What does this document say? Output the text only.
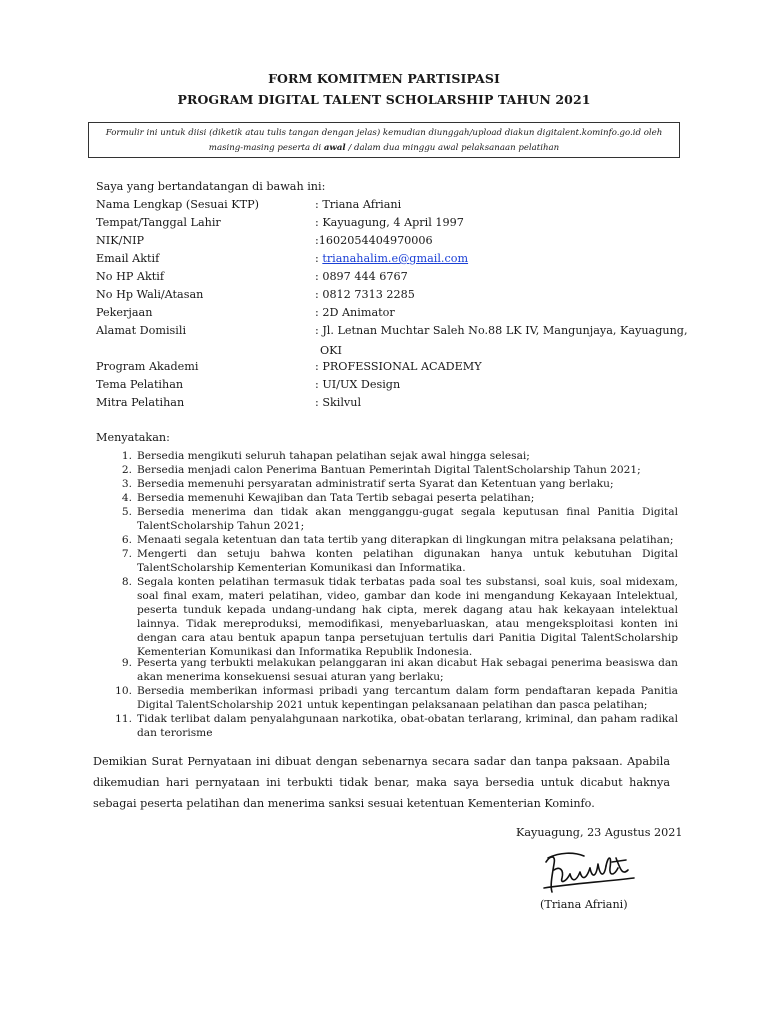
FORM KOMITMEN PARTISIPASI
PROGRAM DIGITAL TALENT SCHOLARSHIP TAHUN 2021
Formulir ini untuk diisi (diketik atau tulis tangan dengan jelas) kemudian diunggah/upload diakun digitalent.kominfo.go.id oleh masing-masing peserta di awal / dalam dua minggu awal pelaksanaan pelatihan
Saya yang bertandatangan di bawah ini:
Nama Lengkap (Sesuai KTP)	: Triana Afriani
Tempat/Tanggal Lahir	: Kayuagung, 4 April 1997
NIK/NIP	:1602054404970006
Email Aktif	: trianahalim.e@gmail.com
No HP Aktif	: 0897 444 6767
No Hp Wali/Atasan	: 0812 7313 2285
Pekerjaan	: 2D Animator
Alamat Domisili	: Jl. Letnan Muchtar Saleh No.88 LK IV, Mangunjaya, Kayuagung,
OKI
Program Akademi	: PROFESSIONAL ACADEMY
Tema Pelatihan	: UI/UX Design
Mitra Pelatihan	: Skilvul
Menyatakan:
1. Bersedia mengikuti seluruh tahapan pelatihan sejak awal hingga selesai;
2. Bersedia menjadi calon Penerima Bantuan Pemerintah Digital TalentScholarship Tahun 2021;
3. Bersedia memenuhi persyaratan administratif serta Syarat dan Ketentuan yang berlaku;
4. Bersedia memenuhi Kewajiban dan Tata Tertib sebagai peserta pelatihan;
5. Bersedia menerima dan tidak akan mengganggu-gugat segala keputusan final Panitia Digital TalentScholarship Tahun 2021;
6. Menaati segala ketentuan dan tata tertib yang diterapkan di lingkungan mitra pelaksana pelatihan;
7. Mengerti dan setuju bahwa konten pelatihan digunakan hanya untuk kebutuhan Digital TalentScholarship Kementerian Komunikasi dan Informatika.
8. Segala konten pelatihan termasuk tidak terbatas pada soal tes substansi, soal kuis, soal midexam, soal final exam, materi pelatihan, video, gambar dan kode ini mengandung Kekayaan Intelektual, peserta tunduk kepada undang-undang hak cipta, merek dagang atau hak kekayaan intelektual lainnya. Tidak mereproduksi, memodifikasi, menyebarluaskan, atau mengeksploitasi konten ini dengan cara atau bentuk apapun tanpa persetujuan tertulis dari Panitia Digital TalentScholarship Kementerian Komunikasi dan Informatika Republik Indonesia.
9. Peserta yang terbukti melakukan pelanggaran ini akan dicabut Hak sebagai penerima beasiswa dan akan menerima konsekuensi sesuai aturan yang berlaku;
10. Bersedia memberikan informasi pribadi yang tercantum dalam form pendaftaran kepada Panitia Digital TalentScholarship 2021 untuk kepentingan pelaksanaan pelatihan dan pasca pelatihan;
11. Tidak terlibat dalam penyalahgunaan narkotika, obat-obatan terlarang, kriminal, dan paham radikal dan terorisme
Demikian Surat Pernyataan ini dibuat dengan sebenarnya secara sadar dan tanpa paksaan. Apabila dikemudian hari pernyataan ini terbukti tidak benar, maka saya bersedia untuk dicabut haknya sebagai peserta pelatihan dan menerima sanksi sesuai ketentuan Kementerian Kominfo.
Kayuagung, 23 Agustus 2021
(Triana Afriani)
